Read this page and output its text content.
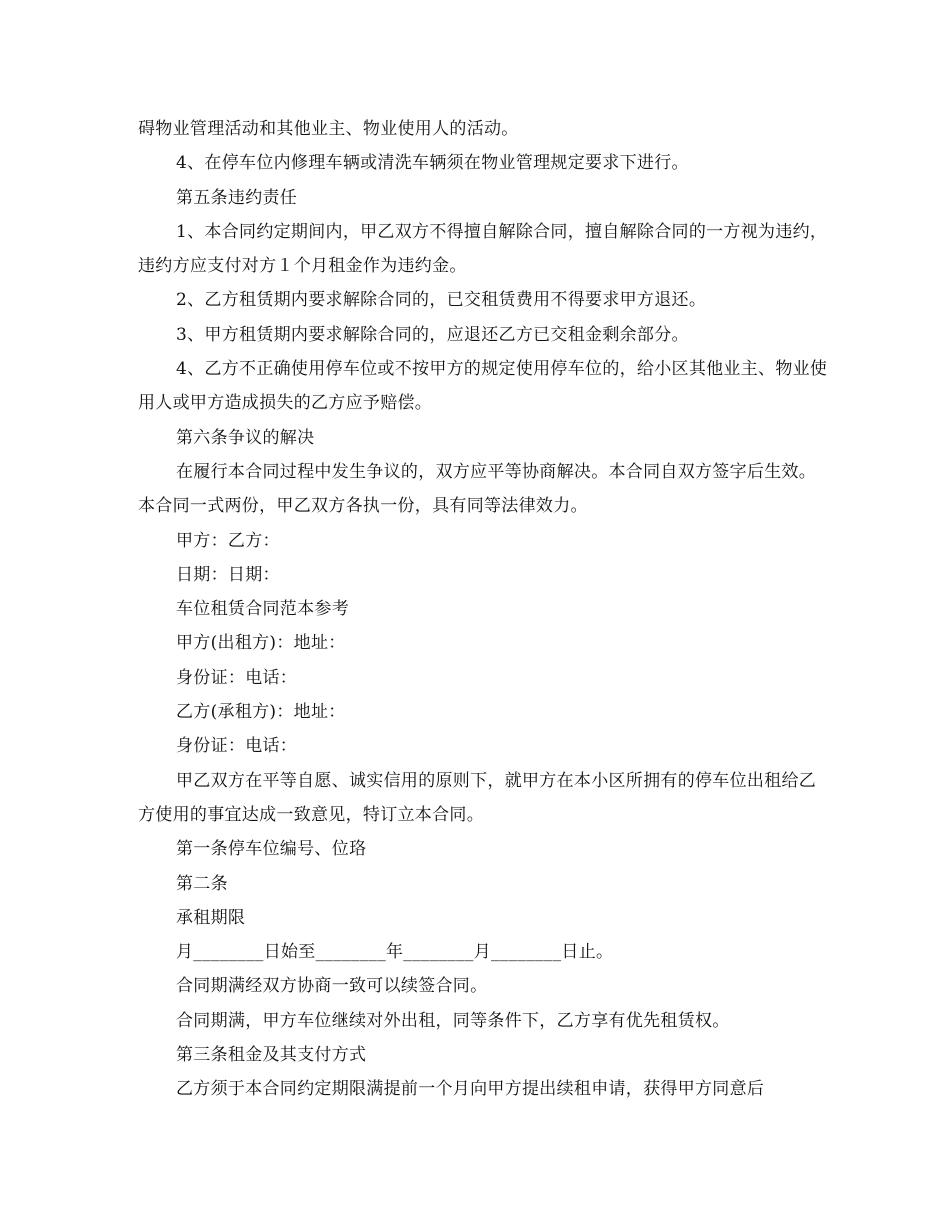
碍物业管理活动和其他业主、物业使用人的活动。

4、在停车位内修理车辆或清洗车辆须在物业管理规定要求下进行。

第五条违约责任

1、本合同约定期间内，甲乙双方不得擅自解除合同，擅自解除合同的一方视为违约，违约方应支付对方１个月租金作为违约金。

2、乙方租赁期内要求解除合同的，已交租赁费用不得要求甲方退还。

3、甲方租赁期内要求解除合同的，应退还乙方已交租金剩余部分。

4、乙方不正确使用停车位或不按甲方的规定使用停车位的，给小区其他业主、物业使用人或甲方造成损失的乙方应予赔偿。

第六条争议的解决

在履行本合同过程中发生争议的，双方应平等协商解决。本合同自双方签字后生效。本合同一式两份，甲乙双方各执一份，具有同等法律效力。

甲方：乙方：

日期：日期：

车位租赁合同范本参考

甲方(出租方)：地址：

身份证：电话：

乙方(承租方)：地址：

身份证：电话：

甲乙双方在平等自愿、诚实信用的原则下，就甲方在本小区所拥有的停车位出租给乙方使用的事宜达成一致意见，特订立本合同。

第一条停车位编号、位珞

第二条

承租期限

月________日始至________年________月________日止。

合同期满经双方协商一致可以续签合同。

合同期满，甲方车位继续对外出租，同等条件下，乙方享有优先租赁权。

第三条租金及其支付方式

乙方须于本合同约定期限满提前一个月向甲方提出续租申请，获得甲方同意后
